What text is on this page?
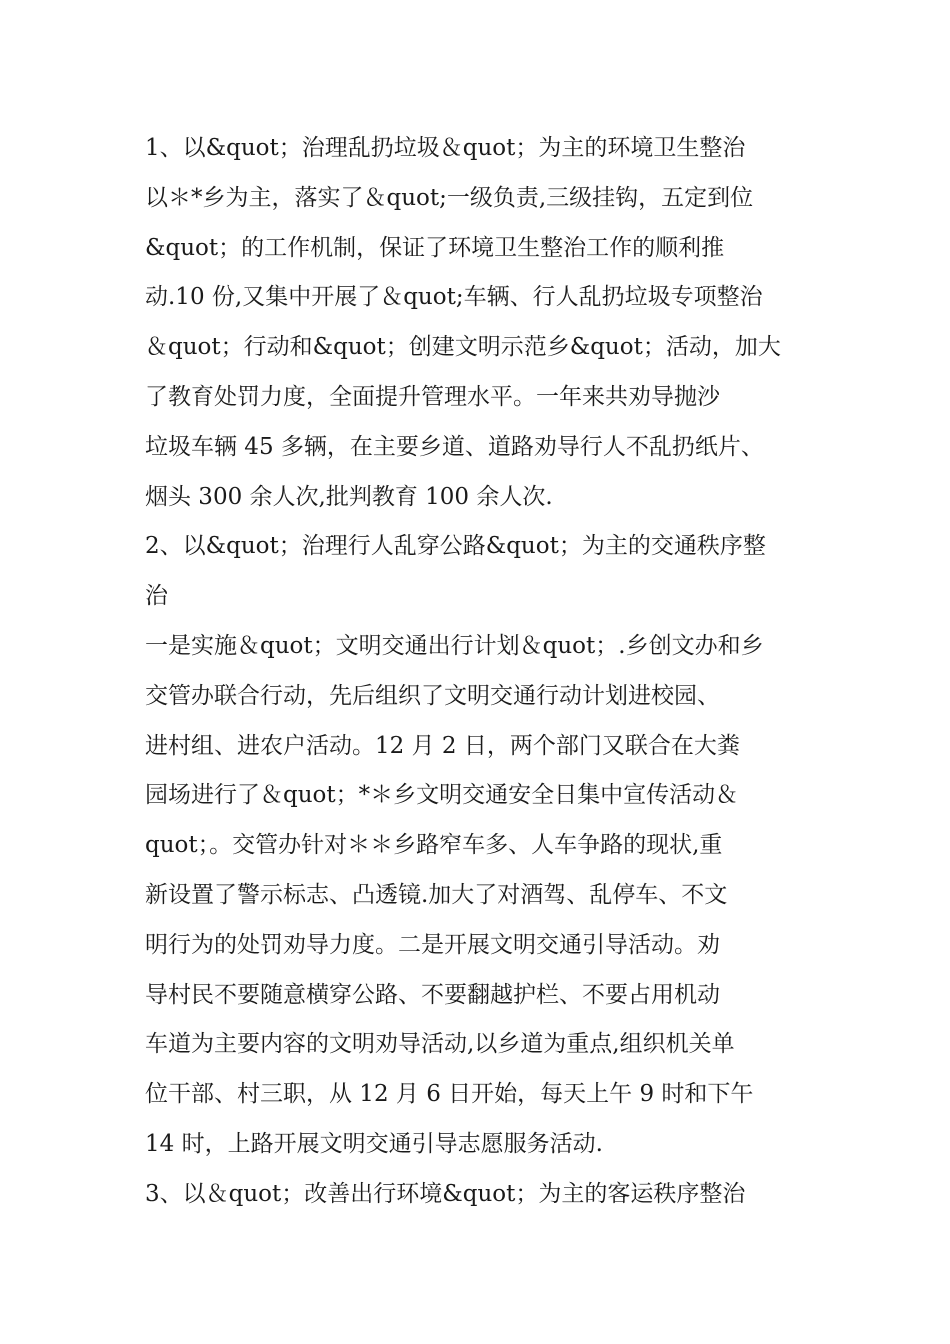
1、以&quot；治理乱扔垃圾＆quot；为主的环境卫生整治
以＊*乡为主，落实了＆quot;一级负责,三级挂钩，五定到位
&quot；的工作机制，保证了环境卫生整治工作的顺利推
动.10 份,又集中开展了＆quot;车辆、行人乱扔垃圾专项整治
＆quot；行动和&quot；创建文明示范乡&quot；活动，加大
了教育处罚力度，全面提升管理水平。一年来共劝导抛沙
垃圾车辆 45 多辆，在主要乡道、道路劝导行人不乱扔纸片、
烟头 300 余人次,批判教育 100 余人次.
2、以&quot；治理行人乱穿公路&quot；为主的交通秩序整
治
一是实施＆quot；文明交通出行计划＆quot；.乡创文办和乡
交管办联合行动，先后组织了文明交通行动计划进校园、
进村组、进农户活动。12 月 2 日，两个部门又联合在大粪
园场进行了＆quot；*＊乡文明交通安全日集中宣传活动＆
quot；。交管办针对＊＊乡路窄车多、人车争路的现状,重
新设置了警示标志、凸透镜.加大了对酒驾、乱停车、不文
明行为的处罚劝导力度。二是开展文明交通引导活动。劝
导村民不要随意横穿公路、不要翻越护栏、不要占用机动
车道为主要内容的文明劝导活动,以乡道为重点,组织机关单
位干部、村三职，从 12 月 6 日开始，每天上午 9 时和下午
14 时，上路开展文明交通引导志愿服务活动.
3、以＆quot；改善出行环境&quot；为主的客运秩序整治
